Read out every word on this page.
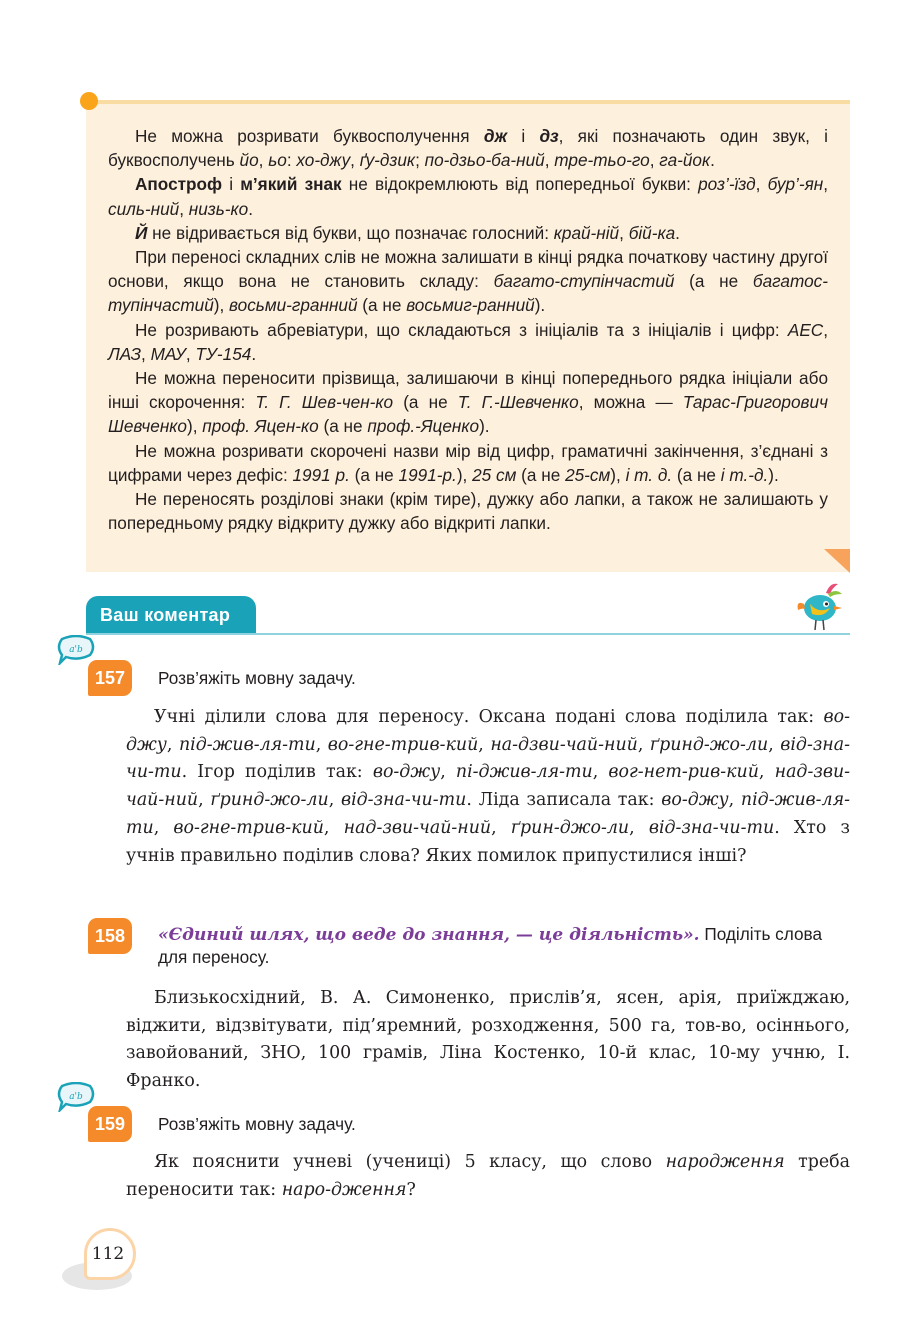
Не можна розривати буквосполучення дж і дз, які позначають один звук, і буквосполучень йо, ьо: хо-джу, ґу-дзик; по-дзьо-ба-ний, тре-тьо-го, га-йок.

Апостроф і м’який знак не відокремлюють від попередньої букви: роз’-їзд, бур’-ян, силь-ний, низь-ко.

Й не відривається від букви, що позначає голосний: край-ній, бій-ка.

При переносі складних слів не можна залишати в кінці рядка початкову частину другої основи, якщо вона не становить складу: багато-ступінчастий (а не багатос-тупінчастий), восьми-гранний (а не восьмиг-ранний).

Не розривають абревіатури, що складаються з ініціалів та з ініціалів і цифр: АЕС, ЛАЗ, МАУ, ТУ-154.

Не можна переносити прізвища, залишаючи в кінці попереднього рядка ініціали або інші скорочення: Т. Г. Шев-чен-ко (а не Т. Г.-Шевченко, можна — Тарас-Григорович Шевченко), проф. Яцен-ко (а не проф.-Яценко).

Не можна розривати скорочені назви мір від цифр, граматичні закінчення, з’єднані з цифрами через дефіс: 1991 р. (а не 1991-р.), 25 см (а не 25-см), і т. д. (а не і т.-д.).

Не переносять розділові знаки (крім тире), дужку або лапки, а також не залишають у попередньому рядку відкриту дужку або відкриті лапки.

Ваш коментар
a'b
157	Розв’яжіть мовну задачу.

Учні ділили слова для переносу. Оксана подані слова поділила так: во-джу, під-жив-ля-ти, во-гне-трив-кий, на-дзви-чай-ний, ґринд-жо-ли, від-зна-чи-ти. Ігор поділив так: во-джу, пі-джив-ля-ти, вог-нет-рив-кий, над-зви-чай-ний, ґринд-жо-ли, від-зна-чи-ти. Ліда записала так: во-джу, під-жив-ля-ти, во-гне-трив-кий, над-зви-чай-ний, ґрин-джо-ли, від-зна-чи-ти. Хто з учнів правильно поділив слова? Яких помилок припустилися інші?

158	«Єдиний шлях, що веде до знання, — це діяльність». Поділіть слова для переносу.

Близькосхідний, В. А. Симоненко, прислів’я, ясен, арія, приїжджаю, віджити, відзвітувати, під’яремний, розходження, 500 га, тов-во, осіннього, завойований, ЗНО, 100 грамів, Ліна Костенко, 10-й клас, 10-му учню, І. Франко.

a'b
159	Розв’яжіть мовну задачу.

Як пояснити учневі (учениці) 5 класу, що слово народження треба переносити так: наро-дження?

112
